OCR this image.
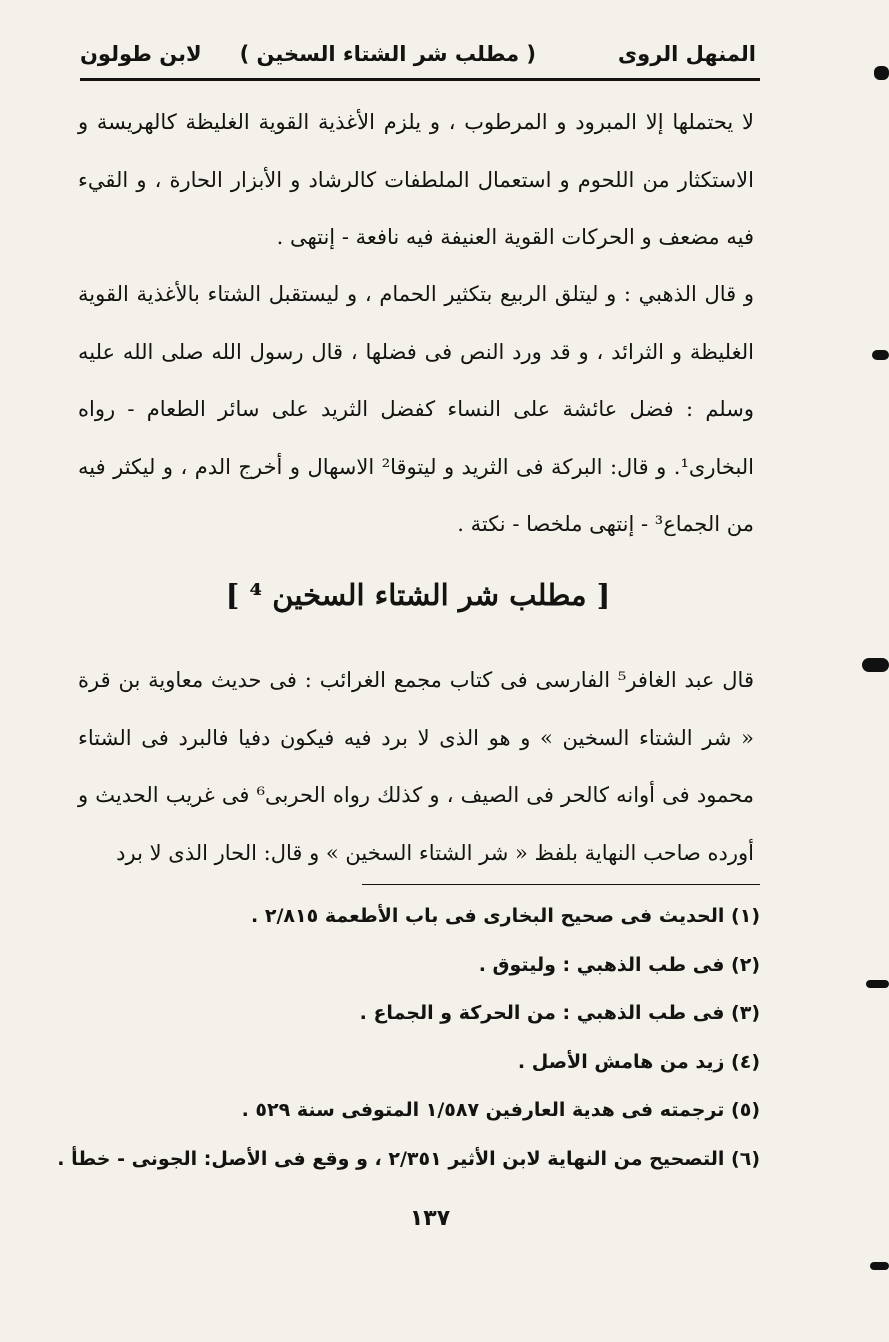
المنهل الروى
( مطلب شر الشتاء السخين )
لابن طولون
لا يحتملها إلا المبرود و المرطوب ، و يلزم الأغذية القوية الغليظة كالهريسة و الاستكثار من اللحوم و استعمال الملطفات كالرشاد و الأبزار الحارة ، و القيء فيه مضعف و الحركات القوية العنيفة فيه نافعة - إنتهى .
و قال الذهبي : و ليتلق الربيع بتكثير الحمام ، و ليستقبل الشتاء بالأغذية القوية الغليظة و الثرائد ، و قد ورد النص فى فضلها ، قال رسول الله صلى الله عليه وسلم : فضل عائشة على النساء كفضل الثريد على سائر الطعام - رواه البخارى¹. و قال: البركة فى الثريد و ليتوقا² الاسهال و أخرج الدم ، و ليكثر فيه من الجماع³ - إنتهى ملخصا - نكتة .
[ مطلب شر الشتاء السخين ⁴ ]
قال عبد الغافر⁵ الفارسى فى كتاب مجمع الغرائب : فى حديث معاوية بن قرة « شر الشتاء السخين » و هو الذى لا برد فيه فيكون دفيا فالبرد فى الشتاء محمود فى أوانه كالحر فى الصيف ، و كذلك رواه الحربى⁶ فى غريب الحديث و أورده صاحب النهاية بلفظ « شر الشتاء السخين » و قال: الحار الذى لا برد
(١) الحديث فى صحيح البخارى فى باب الأطعمة ٢/٨١٥ .
(٢) فى طب الذهبي : وليتوق .
(٣) فى طب الذهبي : من الحركة و الجماع .
(٤) زيد من هامش الأصل .
(٥) ترجمته فى هدية العارفين ١/٥٨٧ المتوفى سنة ٥٢٩ .
(٦) التصحيح من النهاية لابن الأثير ٢/٣٥١ ، و وقع فى الأصل: الجونى - خطأ .
١٣٧
